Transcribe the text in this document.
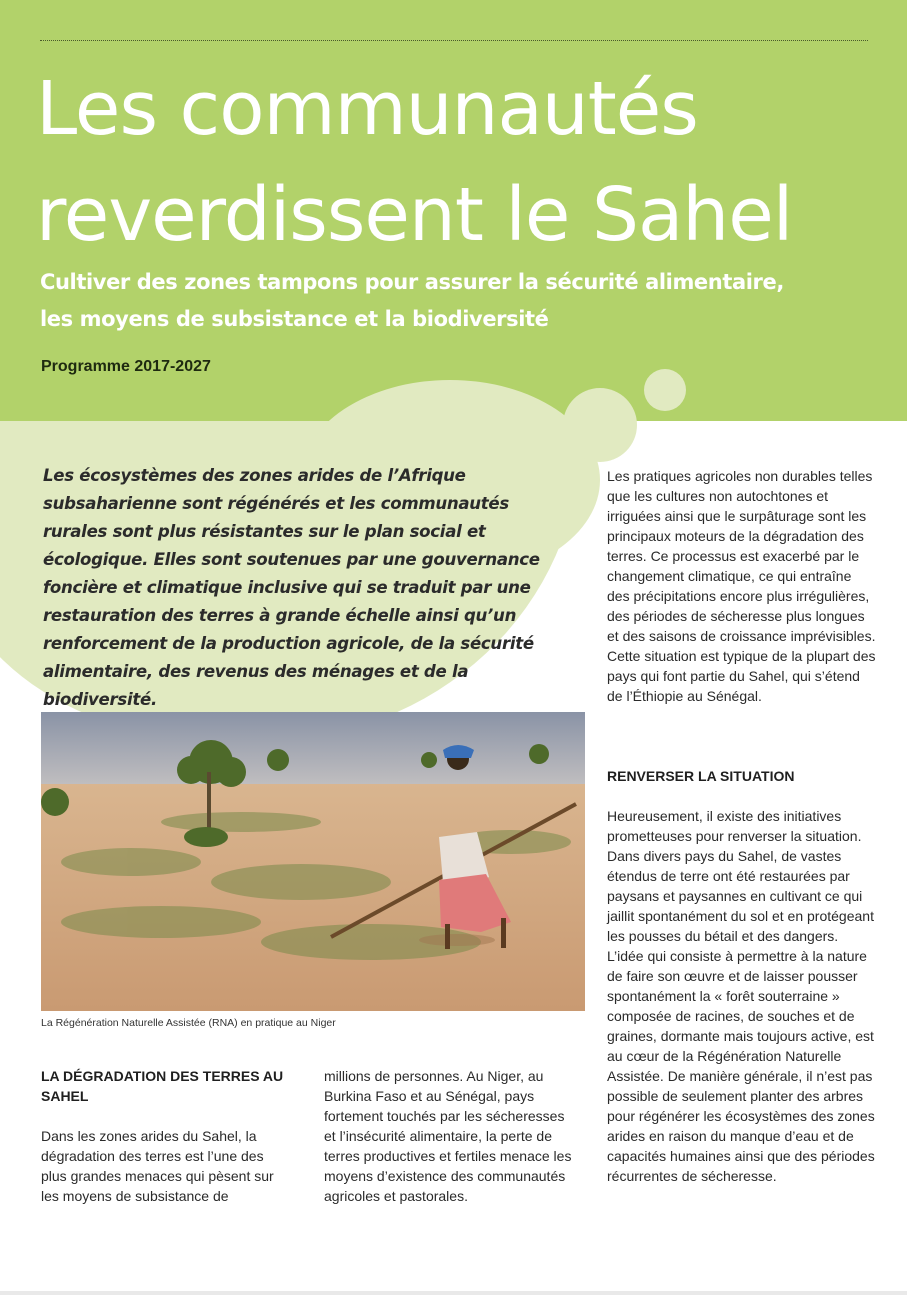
Les communautés
reverdissent le Sahel

Cultiver des zones tampons pour assurer la sécurité alimentaire,
les moyens de subsistance et la biodiversité

Programme 2017-2027

Les écosystèmes des zones arides de l’Afrique subsaharienne sont régénérés et les communautés rurales sont plus résistantes sur le plan social et écologique. Elles sont soutenues par une gouvernance foncière et climatique inclusive qui se traduit par une restauration des terres à grande échelle ainsi qu’un renforcement de la production agricole, de la sécurité alimentaire, des revenus des ménages et de la biodiversité.

La Régénération Naturelle Assistée (RNA) en pratique au Niger

LA DÉGRADATION DES TERRES AU SAHEL

Dans les zones arides du Sahel, la dégradation des terres est l’une des plus grandes menaces qui pèsent sur les moyens de subsistance de

millions de personnes. Au Niger, au Burkina Faso et au Sénégal, pays fortement touchés par les sécheresses et l’insécurité alimentaire, la perte de terres productives et fertiles menace les moyens d’existence des communautés agricoles et pastorales.

Les pratiques agricoles non durables telles que les cultures non autochtones et irriguées ainsi que le surpâturage sont les principaux moteurs de la dégradation des terres. Ce processus est exacerbé par le changement climatique, ce qui entraîne des précipitations encore plus irrégulières, des périodes de sécheresse plus longues et des saisons de croissance imprévisibles. Cette situation est typique de la plupart des pays qui font partie du Sahel, qui s’étend de l’Éthiopie au Sénégal.

RENVERSER LA SITUATION

Heureusement, il existe des initiatives prometteuses pour renverser la situation. Dans divers pays du Sahel, de vastes étendus de terre ont été restaurées par paysans et paysannes en cultivant ce qui jaillit spontanément du sol et en protégeant les pousses du bétail et des dangers. L’idée qui consiste à permettre à la nature de faire son œuvre et de laisser pousser spontanément la « forêt souterraine » composée de racines, de souches et de graines, dormante mais toujours active, est au cœur de la Régénération Naturelle Assistée. De manière générale, il n’est pas possible de seulement planter des arbres pour régénérer les écosystèmes des zones arides en raison du manque d’eau et de capacités humaines ainsi que des périodes récurrentes de sécheresse.
